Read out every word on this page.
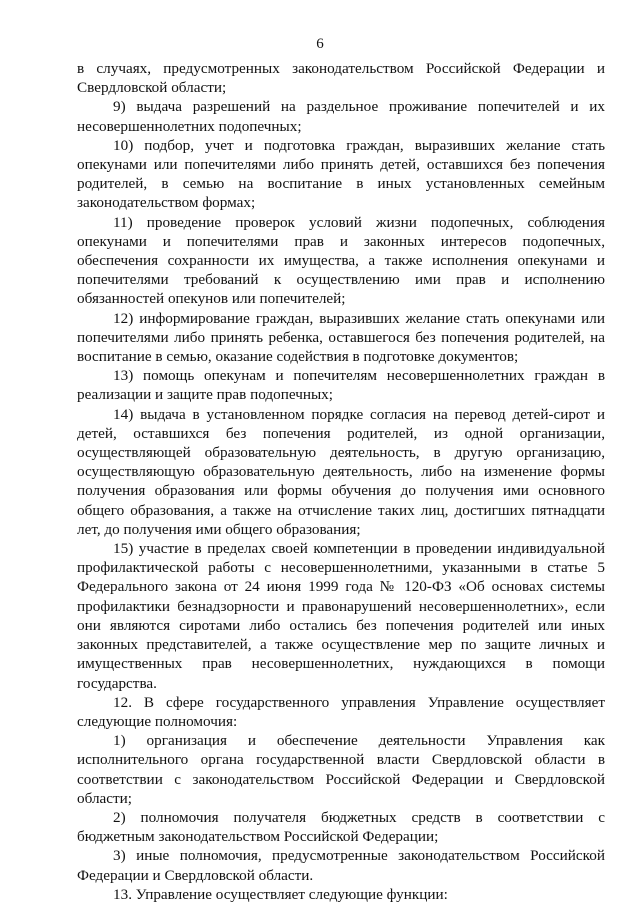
6

в случаях, предусмотренных законодательством Российской Федерации и Свердловской области;

9) выдача разрешений на раздельное проживание попечителей и их несовершеннолетних подопечных;

10) подбор, учет и подготовка граждан, выразивших желание стать опекунами или попечителями либо принять детей, оставшихся без попечения родителей, в семью на воспитание в иных установленных семейным законодательством формах;

11) проведение проверок условий жизни подопечных, соблюдения опекунами и попечителями прав и законных интересов подопечных, обеспечения сохранности их имущества, а также исполнения опекунами и попечителями требований к осуществлению ими прав и исполнению обязанностей опекунов или попечителей;

12) информирование граждан, выразивших желание стать опекунами или попечителями либо принять ребенка, оставшегося без попечения родителей, на воспитание в семью, оказание содействия в подготовке документов;

13) помощь опекунам и попечителям несовершеннолетних граждан в реализации и защите прав подопечных;

14) выдача в установленном порядке согласия на перевод детей-сирот и детей, оставшихся без попечения родителей, из одной организации, осуществляющей образовательную деятельность, в другую организацию, осуществляющую образовательную деятельность, либо на изменение формы получения образования или формы обучения до получения ими основного общего образования, а также на отчисление таких лиц, достигших пятнадцати лет, до получения ими общего образования;

15) участие в пределах своей компетенции в проведении индивидуальной профилактической работы с несовершеннолетними, указанными в статье 5 Федерального закона от 24 июня 1999 года № 120-ФЗ «Об основах системы профилактики безнадзорности и правонарушений несовершеннолетних», если они являются сиротами либо остались без попечения родителей или иных законных представителей, а также осуществление мер по защите личных и имущественных прав несовершеннолетних, нуждающихся в помощи государства.

12. В сфере государственного управления Управление осуществляет следующие полномочия:

1) организация и обеспечение деятельности Управления как исполнительного органа государственной власти Свердловской области в соответствии с законодательством Российской Федерации и Свердловской области;

2) полномочия получателя бюджетных средств в соответствии с бюджетным законодательством Российской Федерации;

3) иные полномочия, предусмотренные законодательством Российской Федерации и Свердловской области.

13. Управление осуществляет следующие функции:
